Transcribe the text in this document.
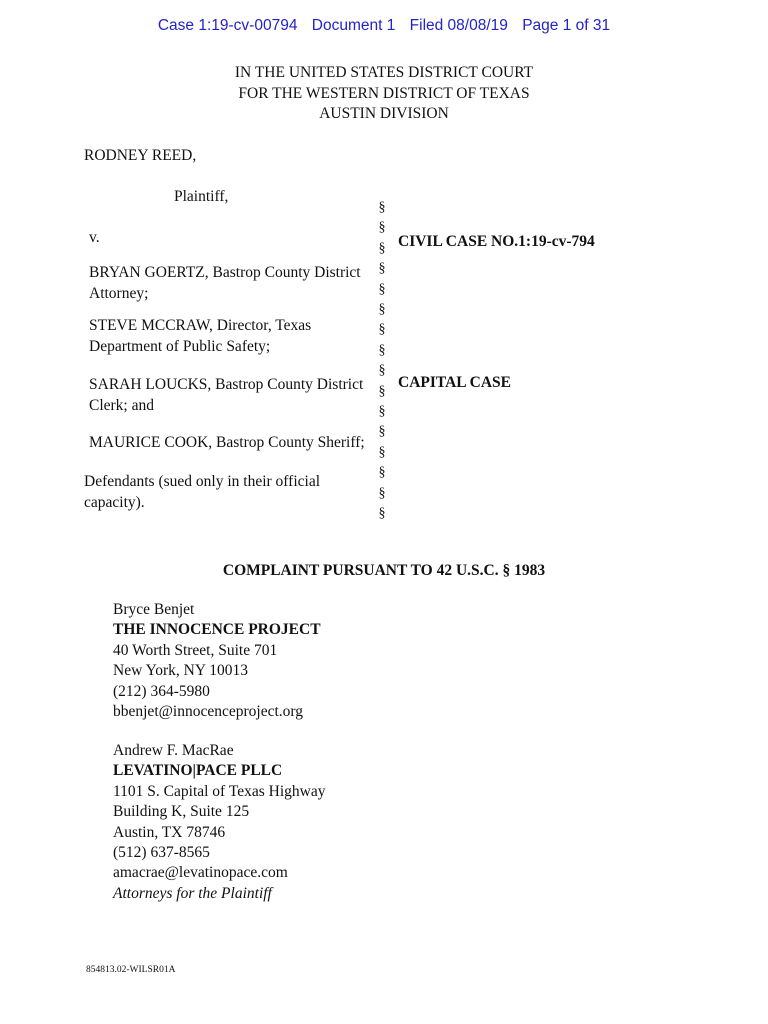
Case 1:19-cv-00794 Document 1 Filed 08/08/19 Page 1 of 31
IN THE UNITED STATES DISTRICT COURT
FOR THE WESTERN DISTRICT OF TEXAS
AUSTIN DIVISION
RODNEY REED,
Plaintiff,
v.
BRYAN GOERTZ, Bastrop County District
Attorney;
STEVE MCCRAW, Director, Texas
Department of Public Safety;
SARAH LOUCKS, Bastrop County District
Clerk; and
MAURICE COOK, Bastrop County Sheriff;
Defendants (sued only in their official
capacity).
§
§
§
§
§
§
§
§
§
§
§
§
§
§
§
§
CIVIL CASE NO.1:19-cv-794
CAPITAL CASE
COMPLAINT PURSUANT TO 42 U.S.C. § 1983
Bryce Benjet
THE INNOCENCE PROJECT
40 Worth Street, Suite 701
New York, NY 10013
(212) 364-5980
bbenjet@innocenceproject.org
Andrew F. MacRae
LEVATINO|PACE PLLC
1101 S. Capital of Texas Highway
Building K, Suite 125
Austin, TX 78746
(512) 637-8565
amacrae@levatinopace.com
Attorneys for the Plaintiff
854813.02-WILSR01A
